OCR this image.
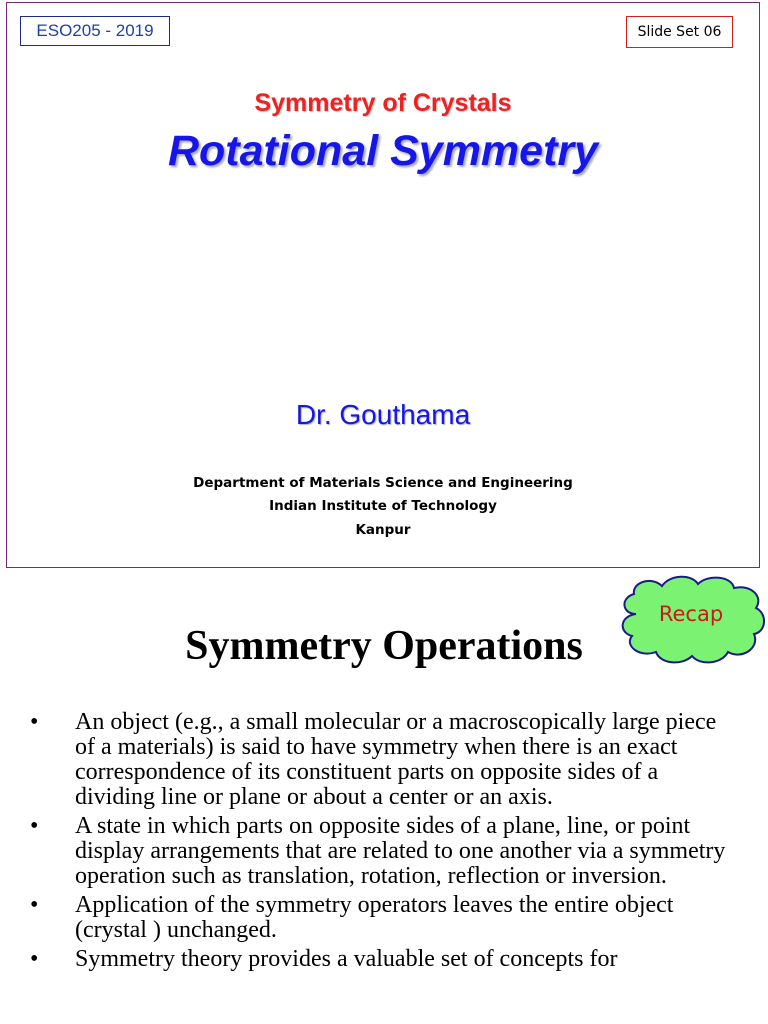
ESO205 - 2019	Slide Set 06
Symmetry of Crystals
Rotational Symmetry
Dr. Gouthama
Department of Materials Science and Engineering
Indian Institute of Technology
Kanpur
Recap
Symmetry Operations
• An object (e.g., a small molecular or a macroscopically large piece of a materials) is said to have symmetry when there is an exact correspondence of its constituent parts on opposite sides of a dividing line or plane or about a center or an axis.
• A state in which parts on opposite sides of a plane, line, or point display arrangements that are related to one another via a symmetry operation such as translation, rotation, reflection or inversion.
• Application of the symmetry operators leaves the entire object (crystal ) unchanged.
• Symmetry theory provides a valuable set of concepts for
